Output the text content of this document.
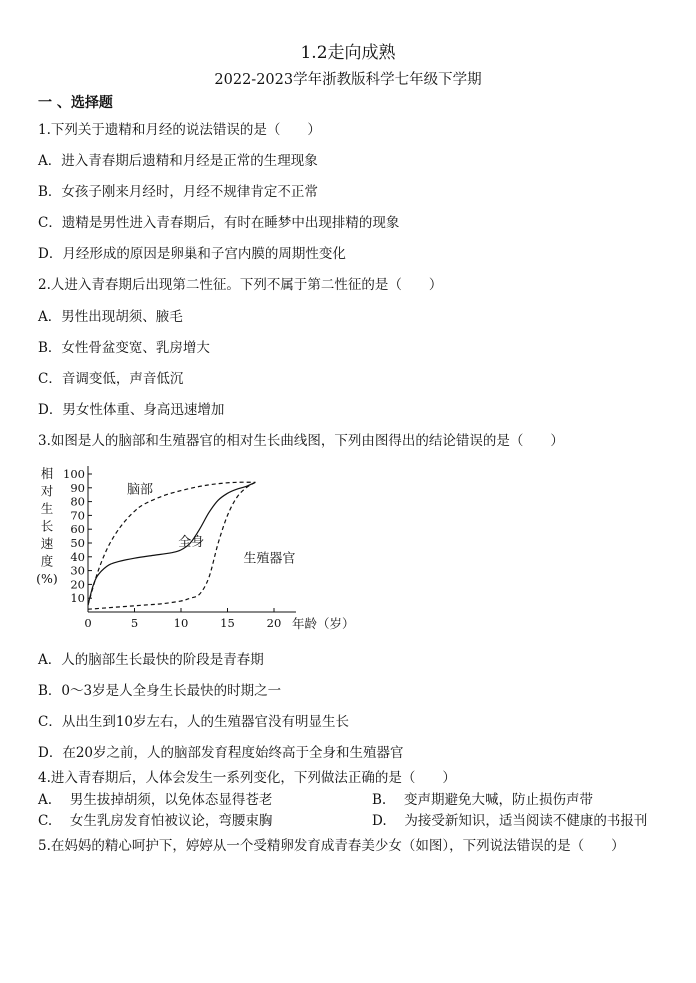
1.2走向成熟
2022-2023学年浙教版科学七年级下学期
一 、选择题
1.下列关于遗精和月经的说法错误的是（　　）
A．进入青春期后遗精和月经是正常的生理现象
B．女孩子刚来月经时，月经不规律肯定不正常
C．遗精是男性进入青春期后，有时在睡梦中出现排精的现象
D．月经形成的原因是卵巢和子宫内膜的周期性变化
2.人进入青春期后出现第二性征。下列不属于第二性征的是（　　）
A．男性出现胡须、腋毛
B．女性骨盆变宽、乳房增大
C．音调变低，声音低沉
D．男女性体重、身高迅速增加
3.如图是人的脑部和生殖器官的相对生长曲线图，下列由图得出的结论错误的是（　　）
10
20
30
40
50
60
70
80
90
100
0	5	10	15	20 年龄（岁）
相
对
生
长
速
度
(%)
脑部
全身
生殖器官
A．人的脑部生长最快的阶段是青春期
B．0～3岁是人全身生长最快的时期之一
C．从出生到10岁左右，人的生殖器官没有明显生长
D．在20岁之前，人的脑部发育程度始终高于全身和生殖器官
4.进入青春期后，人体会发生一系列变化，下列做法正确的是（　　）
A.　 男生拔掉胡须，以免体态显得苍老	B.　 变声期避免大喊，防止损伤声带
C.　 女生乳房发育怕被议论，弯腰束胸	D.　 为接受新知识，适当阅读不健康的书报刊
5.在妈妈的精心呵护下，婷婷从一个受精卵发育成青春美少女（如图），下列说法错误的是（　　）
